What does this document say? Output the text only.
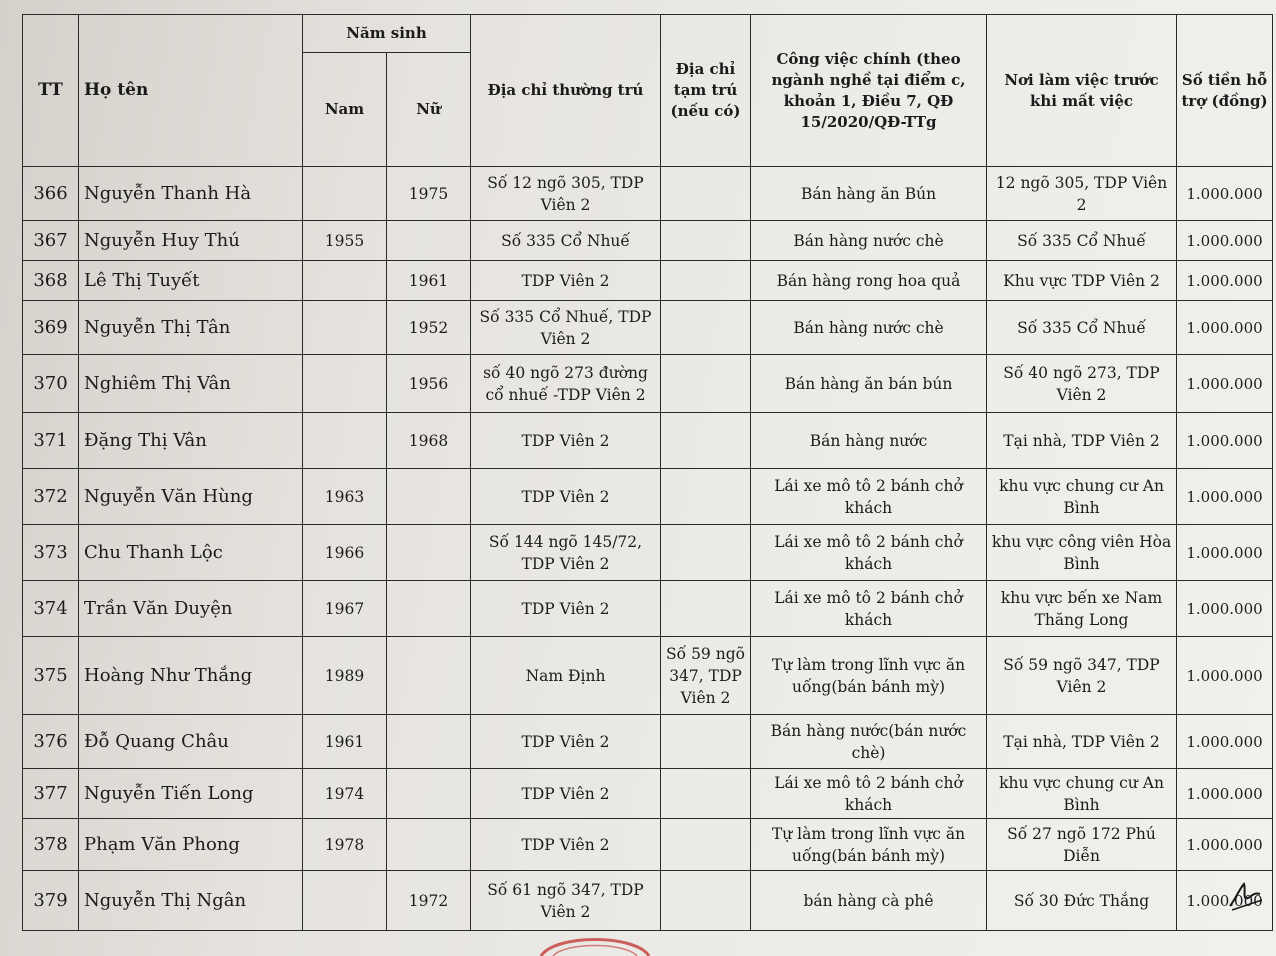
TT	Họ tên	Năm sinh		Địa chỉ thường trú	Địa chỉ tạm trú (nếu có)	Công việc chính (theo ngành nghề tại điểm c, khoản 1, Điều 7, QĐ 15/2020/QĐ-TTg	Nơi làm việc trước khi mất việc	Số tiền hỗ trợ (đồng)
		Nam	Nữ					
366	Nguyễn Thanh Hà		1975	Số 12 ngõ 305, TDP Viên 2		Bán hàng ăn Bún	12 ngõ 305, TDP Viên 2	1.000.000
367	Nguyễn Huy Thú	1955		Số 335 Cổ Nhuế		Bán hàng nước chè	Số 335 Cổ Nhuế	1.000.000
368	Lê Thị Tuyết		1961	TDP Viên 2		Bán hàng rong hoa quả	Khu vực TDP Viên 2	1.000.000
369	Nguyễn Thị Tân		1952	Số 335 Cổ Nhuế, TDP Viên 2		Bán hàng nước chè	Số 335 Cổ Nhuế	1.000.000
370	Nghiêm Thị Vân		1956	số 40 ngõ 273 đường cổ nhuế -TDP Viên 2		Bán hàng ăn bán bún	Số 40 ngõ 273, TDP Viên 2	1.000.000
371	Đặng Thị Vân		1968	TDP Viên 2		Bán hàng nước	Tại nhà, TDP Viên 2	1.000.000
372	Nguyễn Văn Hùng	1963		TDP Viên 2		Lái xe mô tô 2 bánh chở khách	khu vực chung cư An Bình	1.000.000
373	Chu Thanh Lộc	1966		Số 144 ngõ 145/72, TDP Viên 2		Lái xe mô tô 2 bánh chở khách	khu vực công viên Hòa Bình	1.000.000
374	Trần Văn Duyện	1967		TDP Viên 2		Lái xe mô tô 2 bánh chở khách	khu vực bến xe Nam Thăng Long	1.000.000
375	Hoàng Như Thắng	1989		Nam Định	Số 59 ngõ 347, TDP Viên 2	Tự làm trong lĩnh vực ăn uống(bán bánh mỳ)	Số 59 ngõ 347, TDP Viên 2	1.000.000
376	Đỗ Quang Châu	1961		TDP Viên 2		Bán hàng nước(bán nước chè)	Tại nhà, TDP Viên 2	1.000.000
377	Nguyễn Tiến Long	1974		TDP Viên 2		Lái xe mô tô 2 bánh chở khách	khu vực chung cư An Bình	1.000.000
378	Phạm Văn Phong	1978		TDP Viên 2		Tự làm trong lĩnh vực ăn uống(bán bánh mỳ)	Số 27 ngõ 172 Phú Diễn	1.000.000
379	Nguyễn Thị Ngân		1972	Số 61 ngõ 347, TDP Viên 2		bán hàng cà phê	Số 30 Đức Thắng	1.000.000
